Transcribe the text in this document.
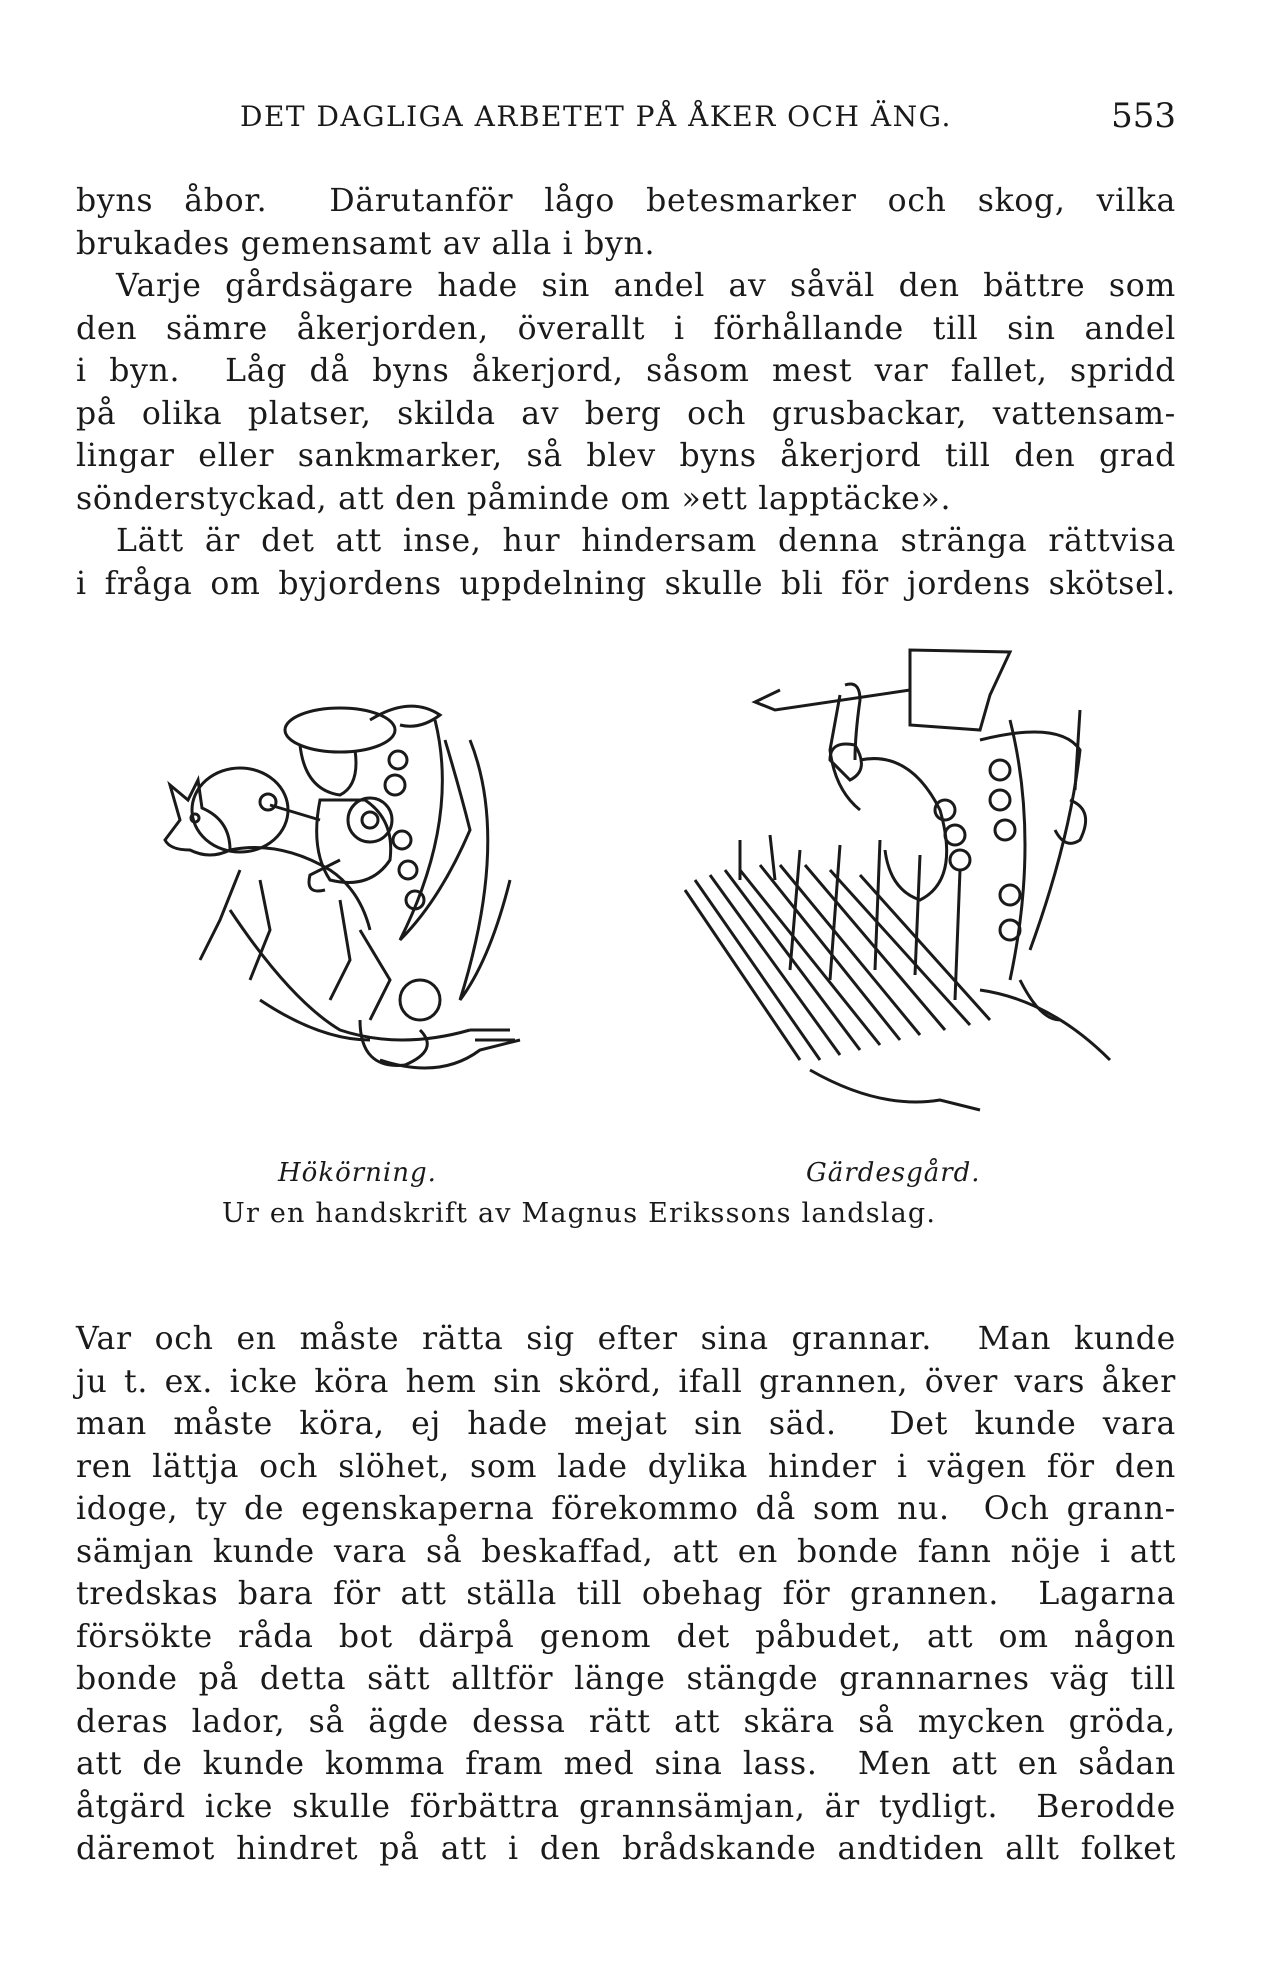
DET DAGLIGA ARBETET PÅ ÅKER OCH ÄNG.	553
byns åbor.  Därutanför lågo betesmarker och skog, vilka
brukades gemensamt av alla i byn.
Varje gårdsägare hade sin andel av såväl den bättre som
den sämre åkerjorden, överallt i förhållande till sin andel
i byn.  Låg då byns åkerjord, såsom mest var fallet, spridd
på olika platser, skilda av berg och grusbackar, vattensam-
lingar eller sankmarker, så blev byns åkerjord till den grad
sönderstyckad, att den påminde om »ett lapptäcke».
Lätt är det att inse, hur hindersam denna stränga rättvisa
i fråga om byjordens uppdelning skulle bli för jordens skötsel.
Hökörning.	Gärdesgård.
Ur en handskrift av Magnus Erikssons landslag.
Var och en måste rätta sig efter sina grannar.  Man kunde
ju t. ex. icke köra hem sin skörd, ifall grannen, över vars åker
man måste köra, ej hade mejat sin säd.  Det kunde vara
ren lättja och slöhet, som lade dylika hinder i vägen för den
idoge, ty de egenskaperna förekommo då som nu.  Och grann-
sämjan kunde vara så beskaffad, att en bonde fann nöje i att
tredskas bara för att ställa till obehag för grannen.  Lagarna
försökte råda bot därpå genom det påbudet, att om någon
bonde på detta sätt alltför länge stängde grannarnes väg till
deras lador, så ägde dessa rätt att skära så mycken gröda,
att de kunde komma fram med sina lass.  Men att en sådan
åtgärd icke skulle förbättra grannsämjan, är tydligt.  Berodde
däremot hindret på att i den brådskande andtiden allt folket
